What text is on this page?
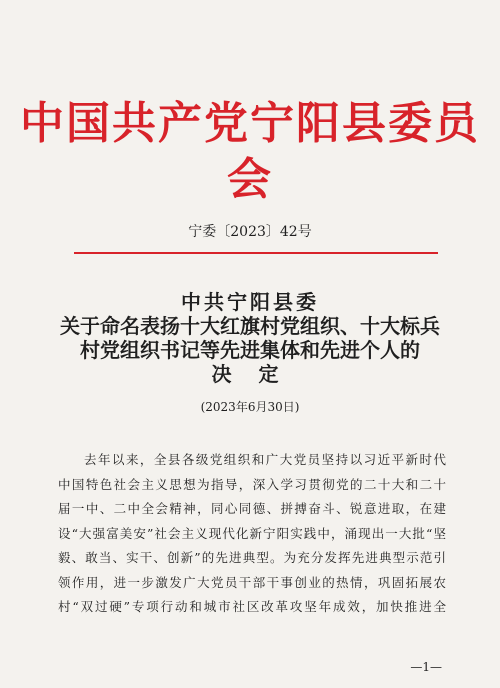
中国共产党宁阳县委员会
宁委〔2023〕42号
中共宁阳县委
关于命名表扬十大红旗村党组织、十大标兵
村党组织书记等先进集体和先进个人的
决 定
(2023年6月30日)
去年以来，全县各级党组织和广大党员坚持以习近平新时代
中国特色社会主义思想为指导，深入学习贯彻党的二十大和二十
届一中、二中全会精神，同心同德、拼搏奋斗、锐意进取，在建
设“大强富美安”社会主义现代化新宁阳实践中，涌现出一大批“坚
毅、敢当、实干、创新”的先进典型。为充分发挥先进典型示范引
领作用，进一步激发广大党员干部干事创业的热情，巩固拓展农
村“双过硬”专项行动和城市社区改革攻坚年成效，加快推进全
—1—
